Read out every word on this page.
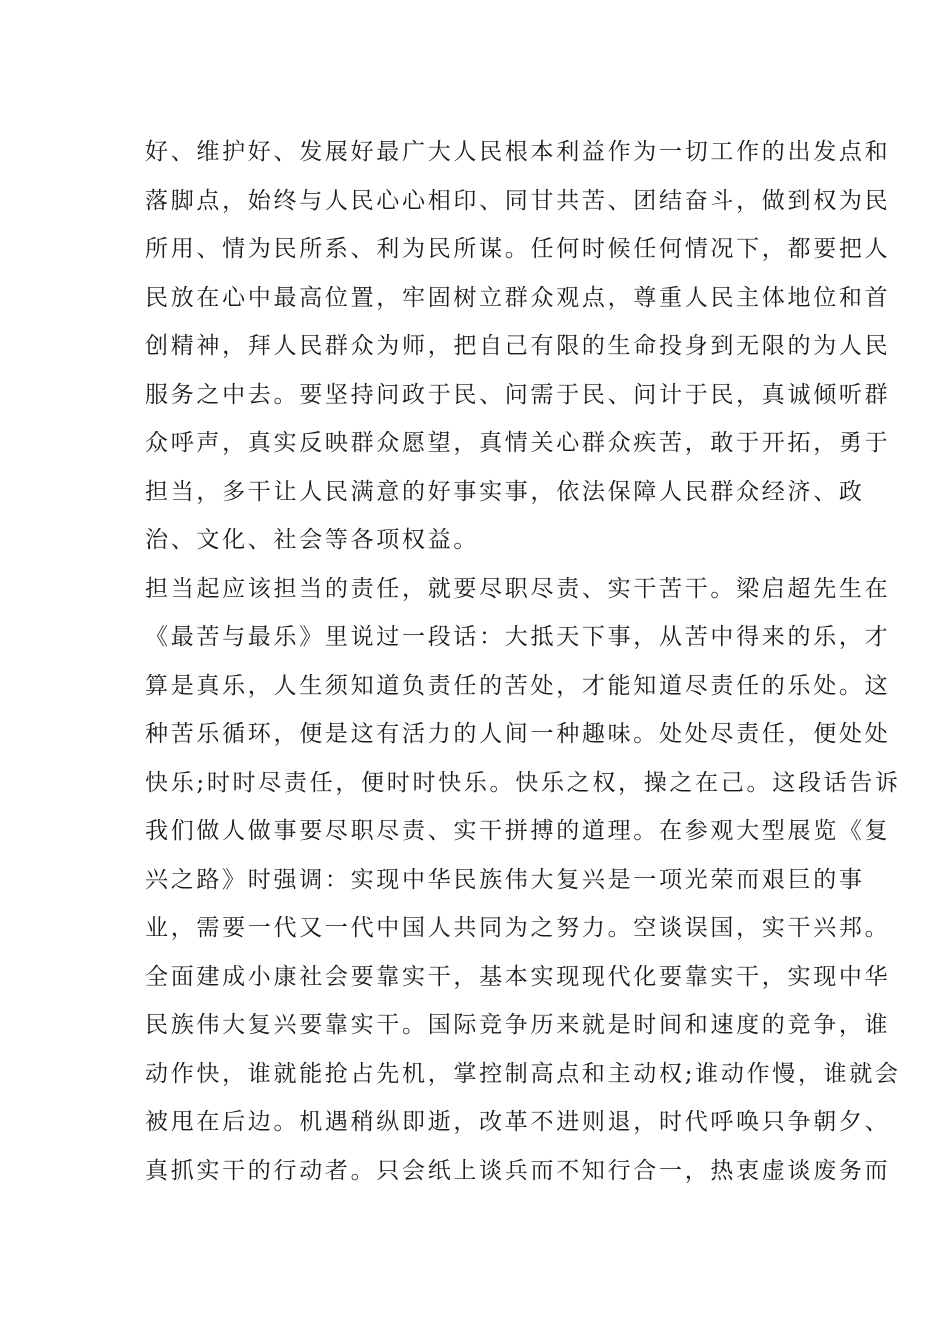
好、维护好、发展好最广大人民根本利益作为一切工作的出发点和
落脚点，始终与人民心心相印、同甘共苦、团结奋斗，做到权为民
所用、情为民所系、利为民所谋。任何时候任何情况下，都要把人
民放在心中最高位置，牢固树立群众观点，尊重人民主体地位和首
创精神，拜人民群众为师，把自己有限的生命投身到无限的为人民
服务之中去。要坚持问政于民、问需于民、问计于民，真诚倾听群
众呼声，真实反映群众愿望，真情关心群众疾苦，敢于开拓，勇于
担当，多干让人民满意的好事实事，依法保障人民群众经济、政
治、文化、社会等各项权益。
担当起应该担当的责任，就要尽职尽责、实干苦干。梁启超先生在
《最苦与最乐》里说过一段话：大抵天下事，从苦中得来的乐，才
算是真乐，人生须知道负责任的苦处，才能知道尽责任的乐处。这
种苦乐循环，便是这有活力的人间一种趣味。处处尽责任，便处处
快乐;时时尽责任，便时时快乐。快乐之权，操之在己。这段话告诉
我们做人做事要尽职尽责、实干拼搏的道理。在参观大型展览《复
兴之路》时强调：实现中华民族伟大复兴是一项光荣而艰巨的事
业，需要一代又一代中国人共同为之努力。空谈误国，实干兴邦。
全面建成小康社会要靠实干，基本实现现代化要靠实干，实现中华
民族伟大复兴要靠实干。国际竞争历来就是时间和速度的竞争，谁
动作快，谁就能抢占先机，掌控制高点和主动权;谁动作慢，谁就会
被甩在后边。机遇稍纵即逝，改革不进则退，时代呼唤只争朝夕、
真抓实干的行动者。只会纸上谈兵而不知行合一，热衷虚谈废务而
